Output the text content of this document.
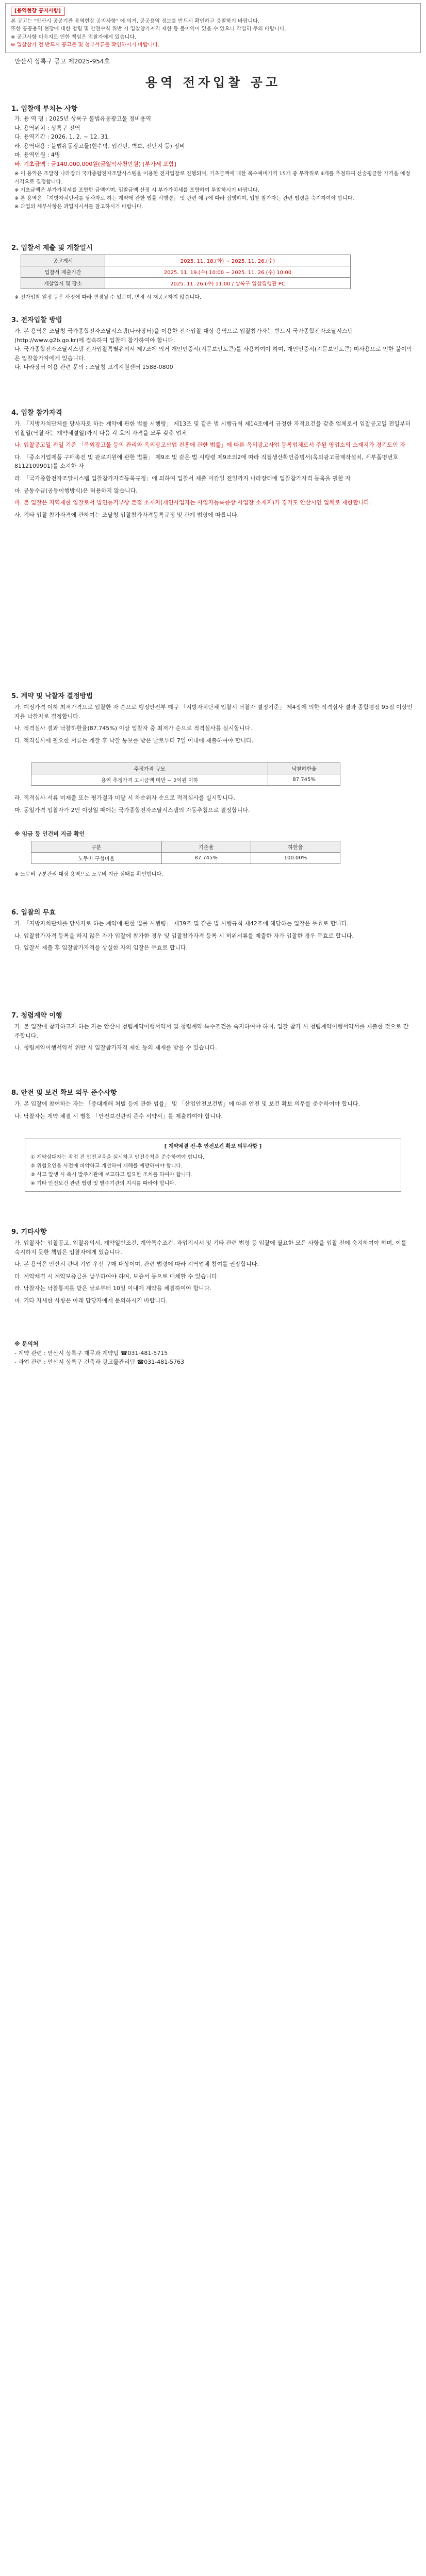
[용역현장 공지사항]
본 공고는 "안산시 공공기관 용역현장 공지사항" 에 의거, 공공용역 정보를 반드시 확인하고 응찰하기 바랍니다.
또한 공공용역 현장에 대한 청렴 및 안전수칙 위반 시 입찰참가자격 제한 등 불이익이 있을 수 있으니 각별히 주의 바랍니다.
※ 공고사항 미숙지로 인한 책임은 입찰자에게 있습니다.
※ 입찰참가 전 반드시 공고문 및 첨부서류를 확인하시기 바랍니다.
안산시 상록구 공고 제2025-954호
용역 전자입찰 공고
1. 입찰에 부치는 사항
가. 용 역 명 : 2025년 상록구 불법유동광고물 정비용역
나. 용역위치 : 상록구 전역
다. 용역기간 : 2026. 1. 2. ~ 12. 31.
라. 용역내용 : 불법유동광고물(현수막, 입간판, 벽보, 전단지 등) 정비
마. 용역인원 : 4명
바. 기초금액 : 금140,000,000원(금일억사천만원) [부가세 포함]
※ 이 용역은 조달청 나라장터 국가종합전자조달시스템을 이용한 전자입찰로 진행되며, 기초금액에 대한 복수예비가격 15개 중 무작위로 4개를 추첨하여 산술평균한 가격을 예정가격으로 결정합니다.
※ 기초금액은 부가가치세를 포함한 금액이며, 입찰금액 산정 시 부가가치세를 포함하여 투찰하시기 바랍니다.
※ 본 용역은 「지방자치단체를 당사자로 하는 계약에 관한 법률 시행령」 및 관련 예규에 따라 집행하며, 입찰 참가자는 관련 법령을 숙지하여야 합니다.
※ 과업의 세부사항은 과업지시서를 참고하시기 바랍니다.
2. 입찰서 제출 및 개찰일시
공고게시	2025. 11. 18.(화) ~ 2025. 11. 26.(수)
입찰서 제출기간	2025. 11. 19.(수) 10:00 ~ 2025. 11. 26.(수) 10:00
개찰일시 및 장소	2025. 11. 26.(수) 11:00 / 상록구 입찰집행관 PC
※ 전자입찰 일정 등은 사정에 따라 변경될 수 있으며, 변경 시 재공고하지 않습니다.
3. 전자입찰 방법
가. 본 용역은 조달청 국가종합전자조달시스템(나라장터)을 이용한 전자입찰 대상 용역으로 입찰참가자는 반드시 국가종합전자조달시스템(http://www.g2b.go.kr)에 접속하여 입찰에 참가하여야 합니다.
나. 국가종합전자조달시스템 전자입찰특별유의서 제7조에 의거 개인인증서(지문보안토큰)를 사용하여야 하며, 개인인증서(지문보안토큰) 미사용으로 인한 불이익은 입찰참가자에게 있습니다.
다. 나라장터 이용 관련 문의 : 조달청 고객지원센터 1588-0800
4. 입찰 참가자격
가. 「지방자치단체를 당사자로 하는 계약에 관한 법률 시행령」 제13조 및 같은 법 시행규칙 제14조에서 규정한 자격요건을 갖춘 업체로서 입찰공고일 전일부터 입찰일(낙찰자는 계약체결일)까지 다음 각 호의 자격을 모두 갖춘 업체
나. 입찰공고일 전일 기준 「옥외광고물 등의 관리와 옥외광고산업 진흥에 관한 법률」에 따른 옥외광고사업 등록업체로서 주된 영업소의 소재지가 경기도인 자
다. 「중소기업제품 구매촉진 및 판로지원에 관한 법률」 제9조 및 같은 법 시행령 제9조의2에 따라 직접생산확인증명서(옥외광고물제작설치, 세부품명번호 8112109901)를 소지한 자
라. 「국가종합전자조달시스템 입찰참가자격등록규정」에 의하여 입찰서 제출 마감일 전일까지 나라장터에 입찰참가자격 등록을 필한 자
마. 공동수급(공동이행방식)은 허용하지 않습니다.
바. 본 입찰은 지역제한 입찰로서 법인등기부상 본점 소재지(개인사업자는 사업자등록증상 사업장 소재지)가 경기도 안산시인 업체로 제한합니다.
사. 기타 입찰 참가자격에 관하여는 조달청 입찰참가자격등록규정 및 관계 법령에 따릅니다.
5. 계약 및 낙찰자 결정방법
가. 예정가격 이하 최저가격으로 입찰한 자 순으로 행정안전부 예규 「지방자치단체 입찰시 낙찰자 결정기준」 제4장에 의한 적격심사 결과 종합평점 95점 이상인 자를 낙찰자로 결정합니다.
나. 적격심사 결과 낙찰하한율(87.745%) 이상 입찰자 중 최저가 순으로 적격심사를 실시합니다.
다. 적격심사에 필요한 서류는 개찰 후 낙찰 통보를 받은 날로부터 7일 이내에 제출하여야 합니다.
추정가격 규모	낙찰하한율
용역 추정가격 고시금액 미만 ~ 2억원 이하	87.745%
라. 적격심사 서류 미제출 또는 평가결과 미달 시 차순위자 순으로 적격심사를 실시합니다.
마. 동일가격 입찰자가 2인 이상일 때에는 국가종합전자조달시스템의 자동추첨으로 결정합니다.
※ 임금 등 인건비 지급 확인
구분	기준율	하한율
노무비 구성비율	87.745%	100.00%
※ 노무비 구분관리 대상 용역으로 노무비 지급 실태를 확인합니다.
6. 입찰의 무효
가. 「지방자치단체를 당사자로 하는 계약에 관한 법률 시행령」 제39조 및 같은 법 시행규칙 제42조에 해당하는 입찰은 무효로 합니다.
나. 입찰참가자격 등록을 하지 않은 자가 입찰에 참가한 경우 및 입찰참가자격 등록 시 허위서류를 제출한 자가 입찰한 경우 무효로 합니다.
다. 입찰서 제출 후 입찰참가자격을 상실한 자의 입찰은 무효로 합니다.
7. 청렴계약 이행
가. 본 입찰에 참가하고자 하는 자는 안산시 청렴계약이행서약서 및 청렴계약 특수조건을 숙지하여야 하며, 입찰 참가 시 청렴계약이행서약서를 제출한 것으로 간주합니다.
나. 청렴계약이행서약서 위반 시 입찰참가자격 제한 등의 제재를 받을 수 있습니다.
8. 안전 및 보건 확보 의무 준수사항
가. 본 입찰에 참여하는 자는 「중대재해 처벌 등에 관한 법률」 및 「산업안전보건법」에 따른 안전 및 보건 확보 의무를 준수하여야 합니다.
나. 낙찰자는 계약 체결 시 별첨 「안전보건관리 준수 서약서」를 제출하여야 합니다.
[ 계약체결 전·후 안전보건 확보 의무사항 ]
① 계약상대자는 작업 전 안전교육을 실시하고 안전수칙을 준수하여야 합니다.
② 위험요인을 사전에 파악하고 개선하여 재해를 예방하여야 합니다.
③ 사고 발생 시 즉시 발주기관에 보고하고 필요한 조치를 하여야 합니다.
④ 기타 안전보건 관련 법령 및 발주기관의 지시를 따라야 합니다.
9. 기타사항
가. 입찰자는 입찰공고, 입찰유의서, 계약일반조건, 계약특수조건, 과업지시서 및 기타 관련 법령 등 입찰에 필요한 모든 사항을 입찰 전에 숙지하여야 하며, 이를 숙지하지 못한 책임은 입찰자에게 있습니다.
나. 본 용역은 안산시 관내 기업 우선 구매 대상이며, 관련 법령에 따라 지역업체 참여를 권장합니다.
다. 계약체결 시 계약보증금을 납부하여야 하며, 보증서 등으로 대체할 수 있습니다.
라. 낙찰자는 낙찰통지를 받은 날로부터 10일 이내에 계약을 체결하여야 합니다.
마. 기타 자세한 사항은 아래 담당자에게 문의하시기 바랍니다.
※ 문의처
- 계약 관련 : 안산시 상록구 재무과 계약팀 ☎031-481-5715
- 과업 관련 : 안산시 상록구 건축과 광고물관리팀 ☎031-481-5763
